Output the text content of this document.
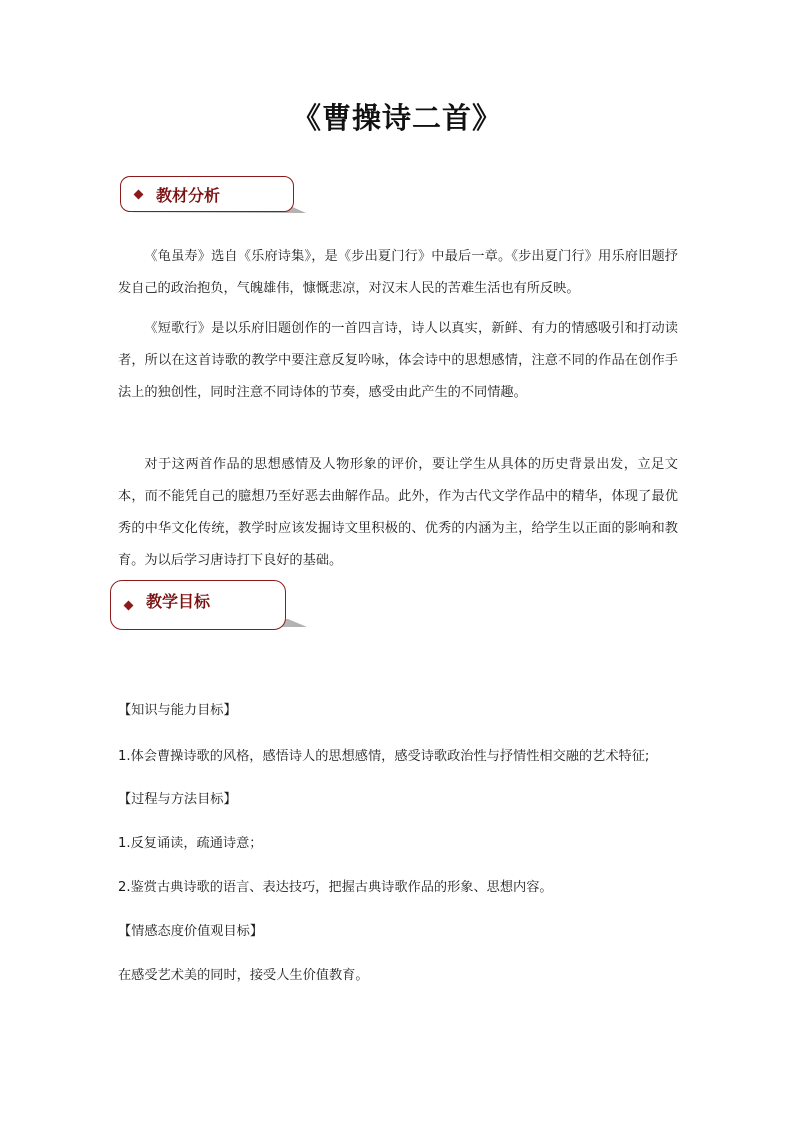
《曹操诗二首》
教材分析
《龟虽寿》选自《乐府诗集》，是《步出夏门行》中最后一章。《步出夏门行》用乐府旧题抒发自己的政治抱负，气魄雄伟，慷慨悲凉，对汉末人民的苦难生活也有所反映。
《短歌行》是以乐府旧题创作的一首四言诗，诗人以真实，新鲜、有力的情感吸引和打动读者，所以在这首诗歌的教学中要注意反复吟咏，体会诗中的思想感情，注意不同的作品在创作手法上的独创性，同时注意不同诗体的节奏，感受由此产生的不同情趣。
对于这两首作品的思想感情及人物形象的评价，要让学生从具体的历史背景出发，立足文本，而不能凭自己的臆想乃至好恶去曲解作品。此外，作为古代文学作品中的精华，体现了最优秀的中华文化传统，教学时应该发掘诗文里积极的、优秀的内涵为主，给学生以正面的影响和教育。为以后学习唐诗打下良好的基础。
教学目标
【知识与能力目标】
1.体会曹操诗歌的风格，感悟诗人的思想感情，感受诗歌政治性与抒情性相交融的艺术特征;
【过程与方法目标】
1.反复诵读，疏通诗意；
2.鉴赏古典诗歌的语言、表达技巧，把握古典诗歌作品的形象、思想内容。
【情感态度价值观目标】
在感受艺术美的同时，接受人生价值教育。
